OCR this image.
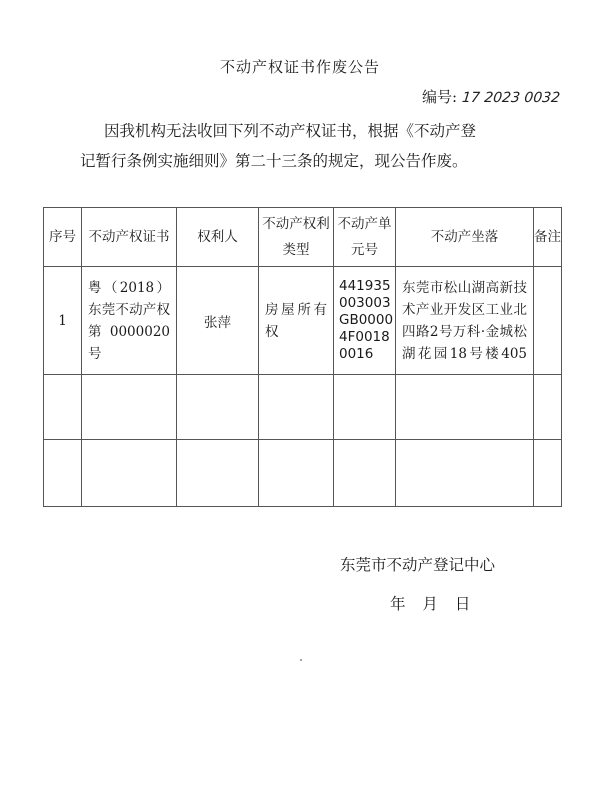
不动产权证书作废公告
编号: 17 2023 0032
因我机构无法收回下列不动产权证书，根据《不动产登
记暂行条例实施细则》第二十三条的规定，现公告作废。
序号	不动产权证书	权利人	不动产权利类型	不动产单元号	不动产坐落	备注
1	粤（2018）东莞不动产权第0000020号	张萍	房屋所有权	441935003003GB00004F00180016	东莞市松山湖高新技术产业开发区工业北四路2号万科·金城松湖花园18号楼405	

东莞市不动产登记中心
年 月 日
